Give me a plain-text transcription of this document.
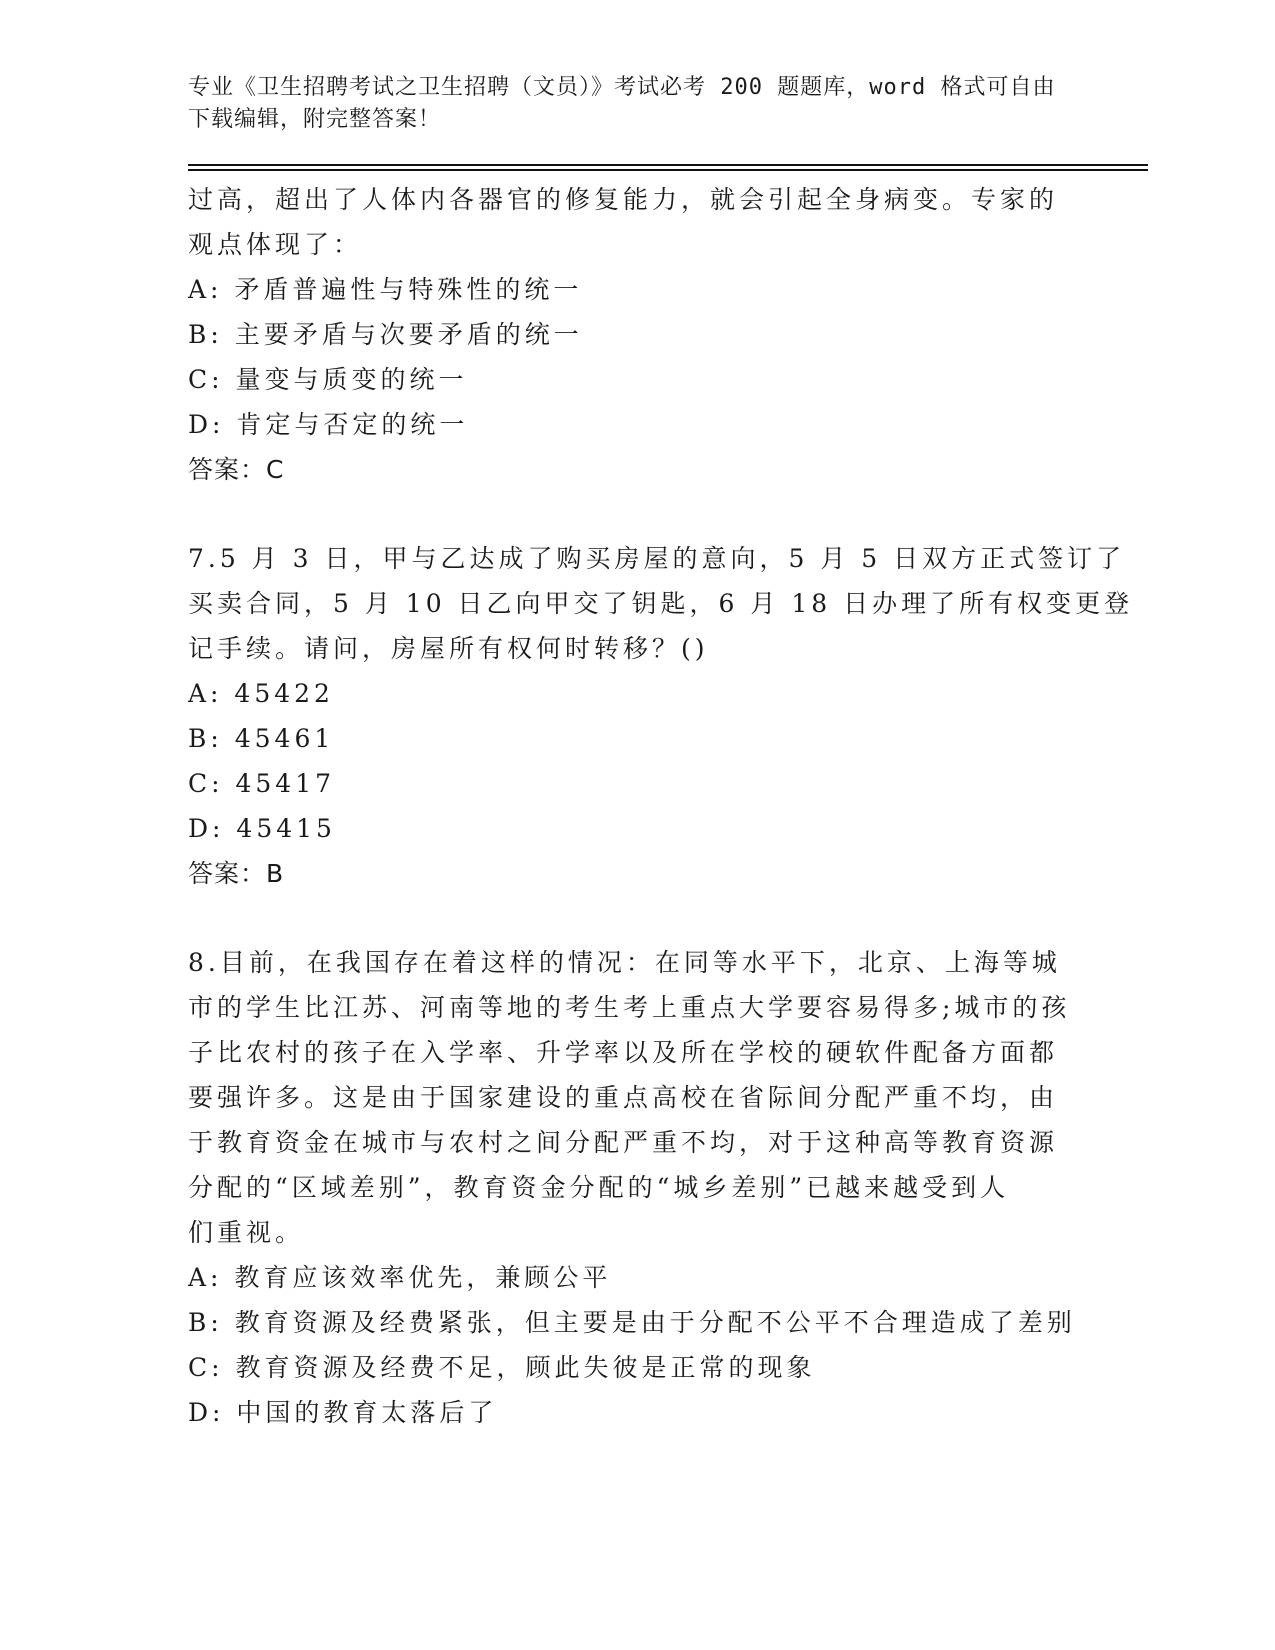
专业《卫生招聘考试之卫生招聘（文员）》考试必考 200 题题库，word 格式可自由下载编辑，附完整答案！

过高，超出了人体内各器官的修复能力，就会引起全身病变。专家的

观点体现了：

A: 矛盾普遍性与特殊性的统一

B: 主要矛盾与次要矛盾的统一

C: 量变与质变的统一

D: 肯定与否定的统一

答案：C

7.5 月 3 日，甲与乙达成了购买房屋的意向，5 月 5 日双方正式签订了

买卖合同，5 月 10 日乙向甲交了钥匙，6 月 18 日办理了所有权变更登

记手续。请问，房屋所有权何时转移？()

A: 45422

B: 45461

C: 45417

D: 45415

答案：B

8.目前，在我国存在着这样的情况：在同等水平下，北京、上海等城

市的学生比江苏、河南等地的考生考上重点大学要容易得多;城市的孩

子比农村的孩子在入学率、升学率以及所在学校的硬软件配备方面都

要强许多。这是由于国家建设的重点高校在省际间分配严重不均，由

于教育资金在城市与农村之间分配严重不均，对于这种高等教育资源

分配的“区域差别”，教育资金分配的“城乡差别”已越来越受到人

们重视。

A: 教育应该效率优先，兼顾公平

B: 教育资源及经费紧张，但主要是由于分配不公平不合理造成了差别

C: 教育资源及经费不足，顾此失彼是正常的现象

D: 中国的教育太落后了
